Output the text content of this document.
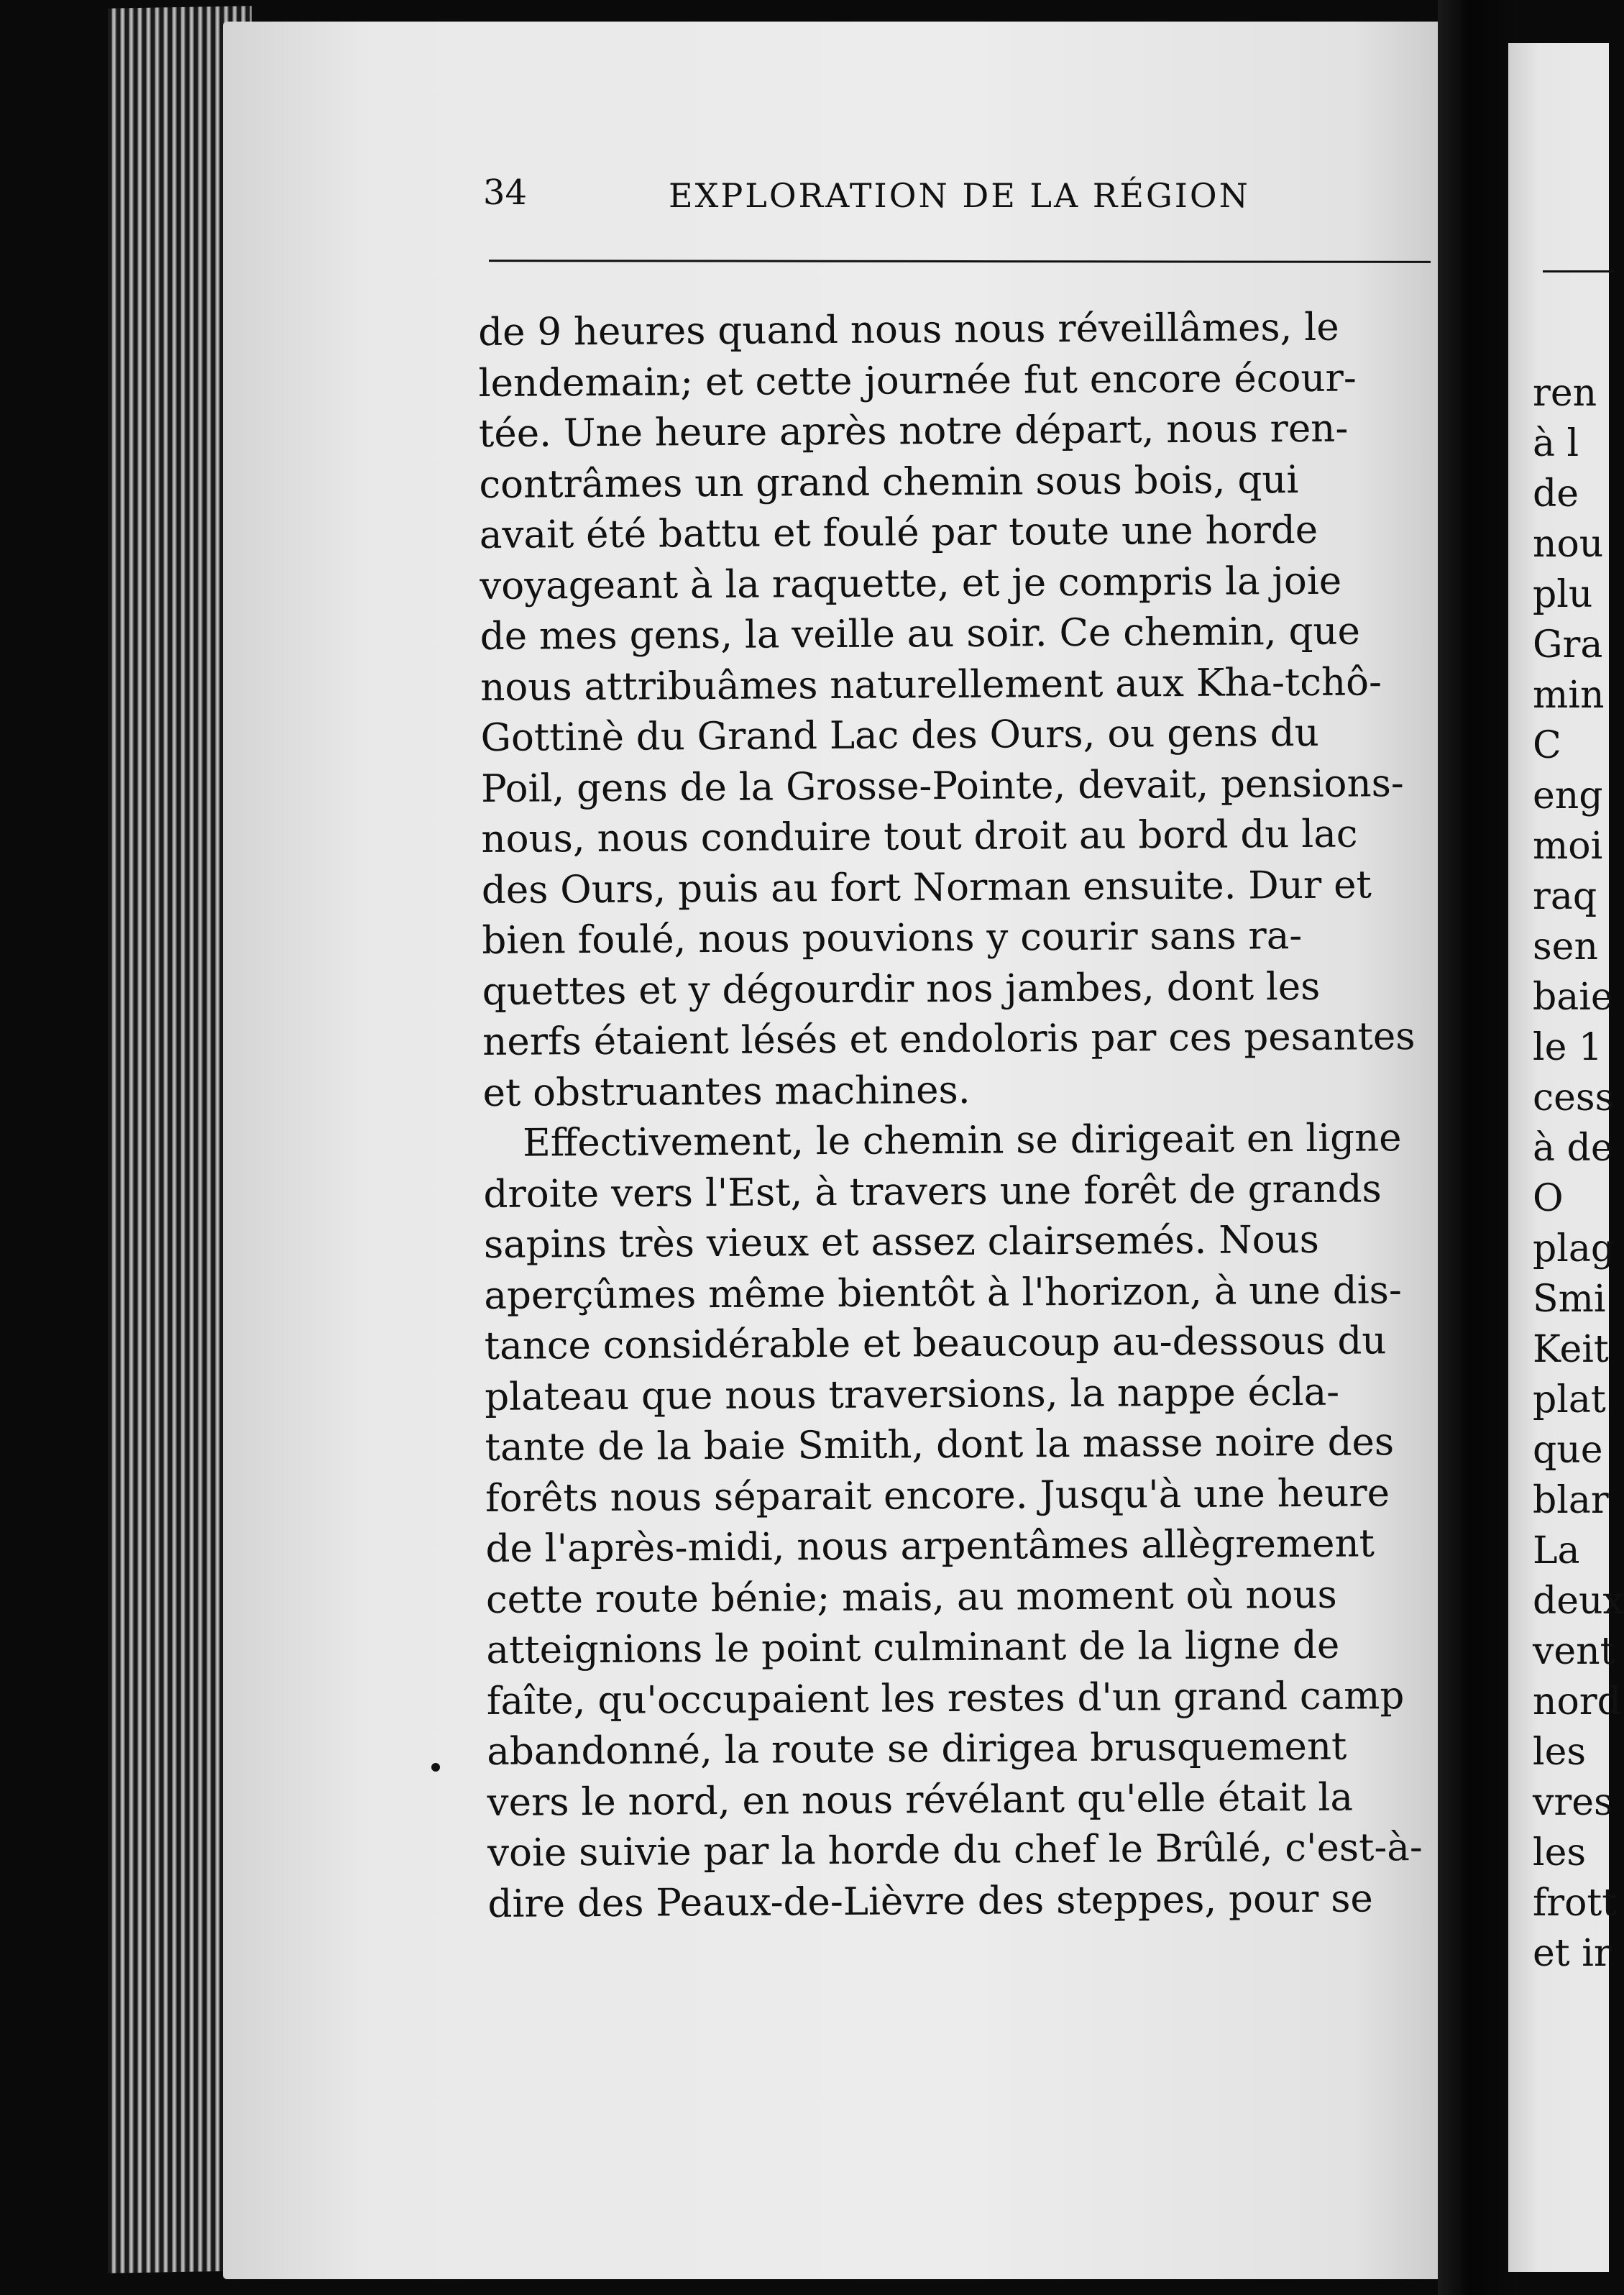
ren
à l
de
nou
plu
Gra
min
C
eng
moi
raq
sen
baie
le 1
cess
à de
O
plag
Smi
Keit
plat
que
blar
La
deux
vent
nord
les
vres
les
frott
et ir
34	EXPLORATION DE LA RÉGION
de 9 heures quand nous nous réveillâmes, le
lendemain; et cette journée fut encore écour-
tée. Une heure après notre départ, nous ren-
contrâmes un grand chemin sous bois, qui
avait été battu et foulé par toute une horde
voyageant à la raquette, et je compris la joie
de mes gens, la veille au soir. Ce chemin, que
nous attribuâmes naturellement aux Kha-tchô-
Gottinè du Grand Lac des Ours, ou gens du
Poil, gens de la Grosse-Pointe, devait, pensions-
nous, nous conduire tout droit au bord du lac
des Ours, puis au fort Norman ensuite. Dur et
bien foulé, nous pouvions y courir sans ra-
quettes et y dégourdir nos jambes, dont les
nerfs étaient lésés et endoloris par ces pesantes
et obstruantes machines.
Effectivement, le chemin se dirigeait en ligne
droite vers l'Est, à travers une forêt de grands
sapins très vieux et assez clairsemés. Nous
aperçûmes même bientôt à l'horizon, à une dis-
tance considérable et beaucoup au-dessous du
plateau que nous traversions, la nappe écla-
tante de la baie Smith, dont la masse noire des
forêts nous séparait encore. Jusqu'à une heure
de l'après-midi, nous arpentâmes allègrement
cette route bénie; mais, au moment où nous
atteignions le point culminant de la ligne de
faîte, qu'occupaient les restes d'un grand camp
abandonné, la route se dirigea brusquement
vers le nord, en nous révélant qu'elle était la
voie suivie par la horde du chef le Brûlé, c'est-à-
dire des Peaux-de-Lièvre des steppes, pour se
